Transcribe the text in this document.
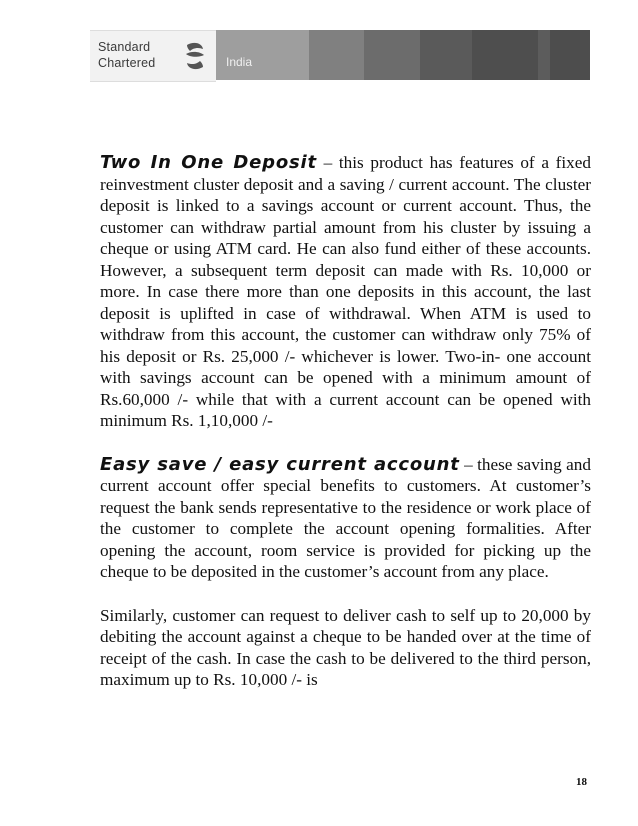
Standard
Chartered	India

Two In One Deposit – this product has features of a fixed reinvestment cluster deposit and a saving / current account. The cluster deposit is linked to a savings account or current account. Thus, the customer can withdraw partial amount from his cluster by issuing a cheque or using ATM card. He can also fund either of these accounts. However, a subsequent term deposit can made with Rs. 10,000 or more. In case there more than one deposits in this account, the last deposit is uplifted in case of withdrawal. When ATM is used to withdraw from this account, the customer can withdraw only 75% of his deposit or Rs. 25,000 /- whichever is lower. Two-in- one account with savings account can be opened with a minimum amount of Rs.60,000 /- while that with a current account can be opened with minimum Rs. 1,10,000 /-

Easy save / easy current account – these saving and current account offer special benefits to customers. At customer’s request the bank sends representative to the residence or work place of the customer to complete the account opening formalities. After opening the account, room service is provided for picking up the cheque to be deposited in the customer’s account from any place.

Similarly, customer can request to deliver cash to self up to 20,000 by debiting the account against a cheque to be handed over at the time of receipt of the cash. In case the cash to be delivered to the third person, maximum up to Rs. 10,000 /- is

18
